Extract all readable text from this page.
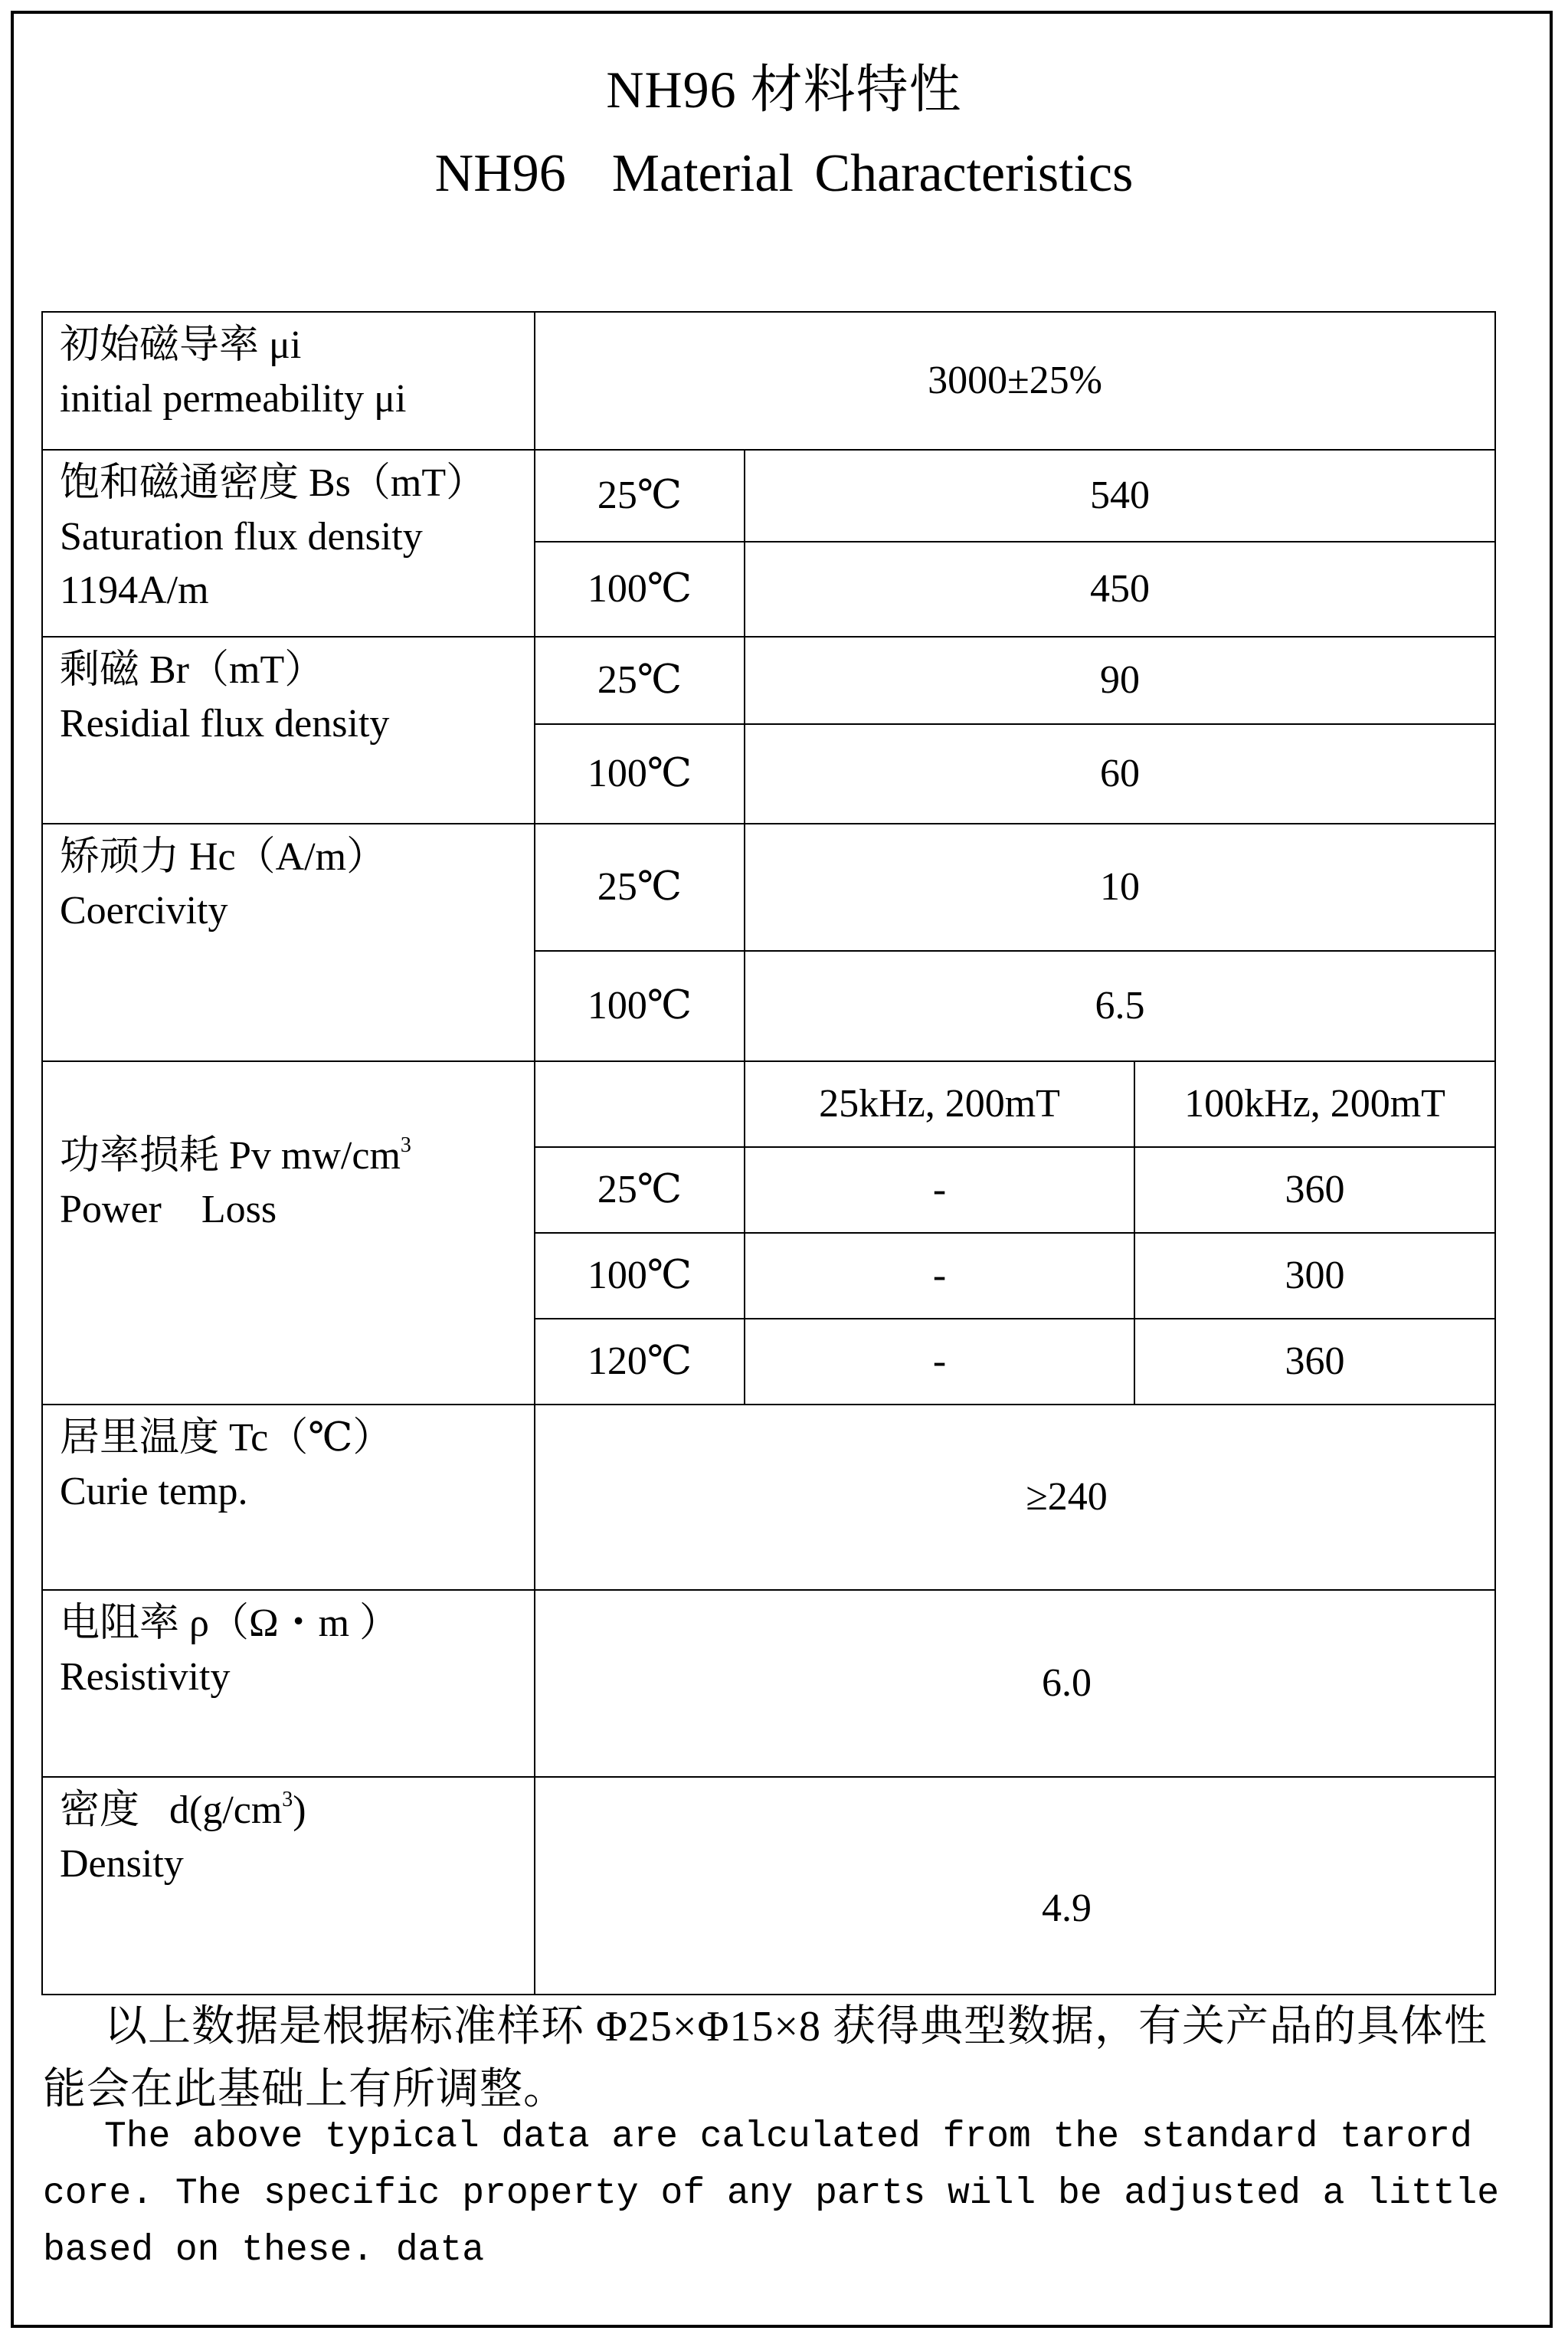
NH96 材料特性
NH96 Material Characteristics
初始磁导率 μi
initial permeability μi	3000±25%		

饱和磁通密度 Bs（mT）
Saturation flux density
1194A/m	25℃	540	
	100℃	450	

剩磁 Br（mT）
Residial flux density	25℃	90	
	100℃	60	

矫顽力 Hc（A/m）
Coercivity	25℃	10	
	100℃	6.5	

功率损耗 Pv $mw/cm^3$
Power    Loss		25kHz, 200mT	100kHz, 200mT
	25℃	-	360
	100℃	-	300
	120℃	-	360

居里温度 Tc（℃）
Curie temp.	≥240		

电阻率 ρ（Ω・m ）
Resistivity	6.0		

密度   $d(g/cm^3)$
Density	4.9		
以上数据是根据标准样环 Φ25×Φ15×8 获得典型数据，有关产品的具体性能会在此基础上有所调整。
The above typical data are calculated from the standard tarord core. The specific property of any parts will be adjusted a little based on these. data
